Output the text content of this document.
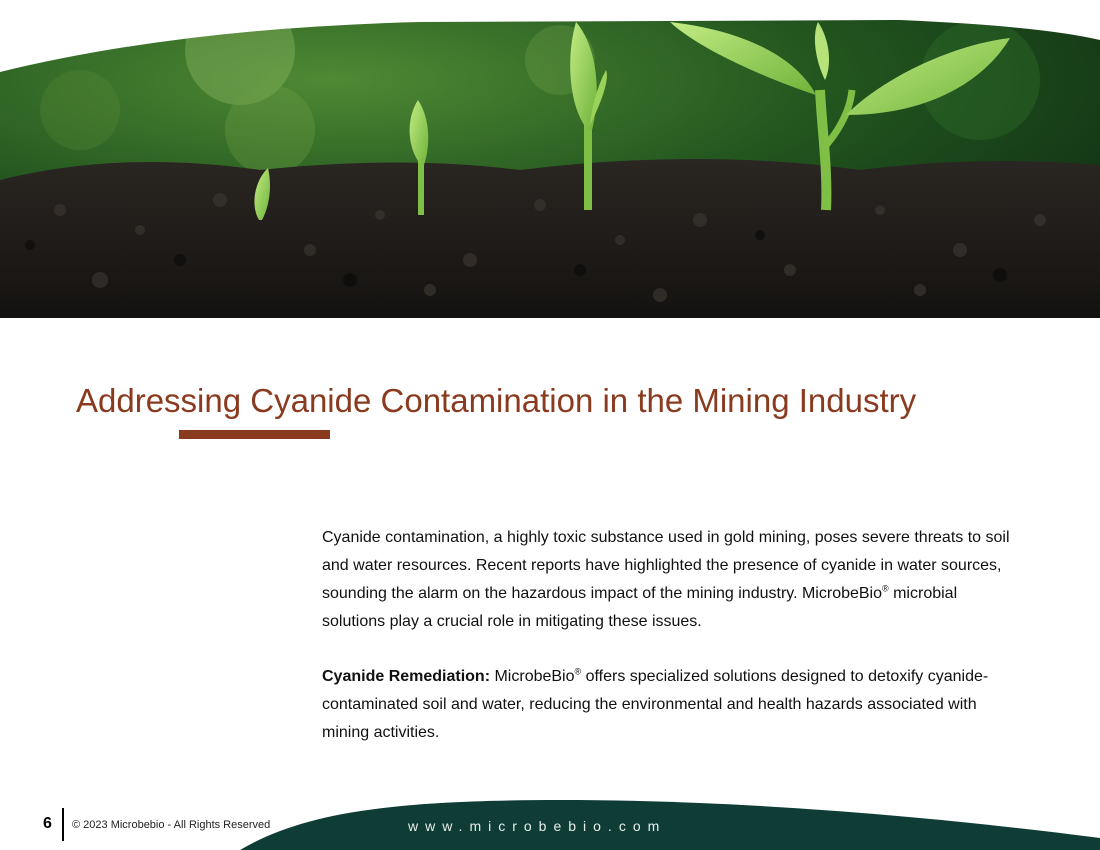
Addressing Cyanide Contamination in the Mining Industry

Cyanide contamination, a highly toxic substance used in gold mining, poses severe threats to soil and water resources. Recent reports have highlighted the presence of cyanide in water sources, sounding the alarm on the hazardous impact of the mining industry. MicrobeBio® microbial solutions play a crucial role in mitigating these issues.

Cyanide Remediation: MicrobeBio® offers specialized solutions designed to detoxify cyanide-contaminated soil and water, reducing the environmental and health hazards associated with mining activities.

6 © 2023 Microbebio - All Rights Reserved	www.microbebio.com
